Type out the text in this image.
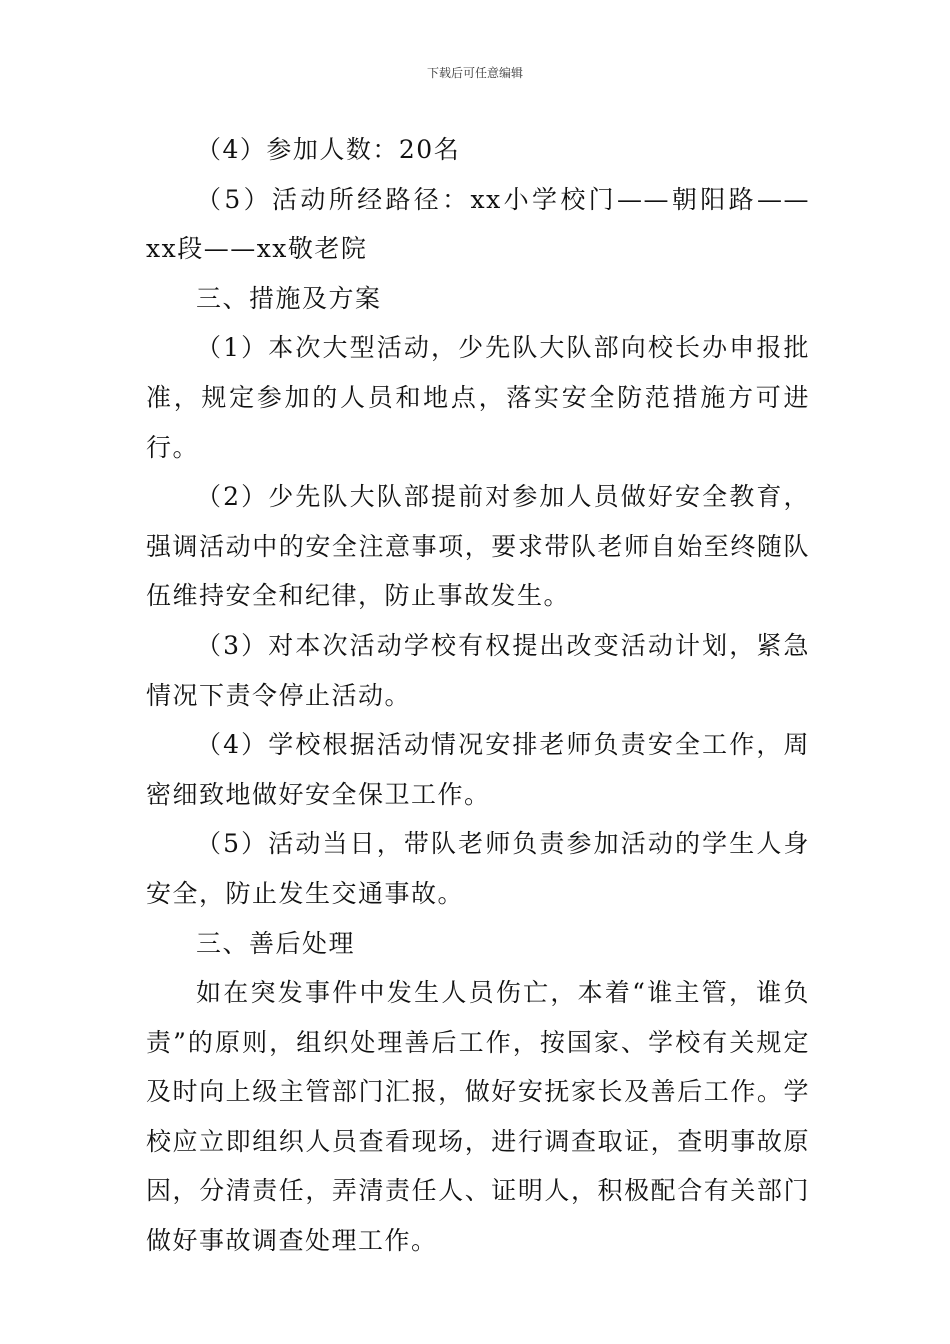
下载后可任意编辑

（4）参加人数：20名

（5）活动所经路径：xx小学校门——朝阳路—— xx段——xx敬老院

三、措施及方案

（1）本次大型活动，少先队大队部向校长办申报批准，规定参加的人员和地点，落实安全防范措施方可进行。

（2）少先队大队部提前对参加人员做好安全教育，强调活动中的安全注意事项，要求带队老师自始至终随队伍维持安全和纪律，防止事故发生。

（3）对本次活动学校有权提出改变活动计划，紧急情况下责令停止活动。

（4）学校根据活动情况安排老师负责安全工作，周密细致地做好安全保卫工作。

（5）活动当日，带队老师负责参加活动的学生人身安全，防止发生交通事故。

三、善后处理

如在突发事件中发生人员伤亡，本着“谁主管，谁负责”的原则，组织处理善后工作，按国家、学校有关规定及时向上级主管部门汇报，做好安抚家长及善后工作。学校应立即组织人员查看现场，进行调查取证，查明事故原因，分清责任，弄清责任人、证明人，积极配合有关部门做好事故调查处理工作。
